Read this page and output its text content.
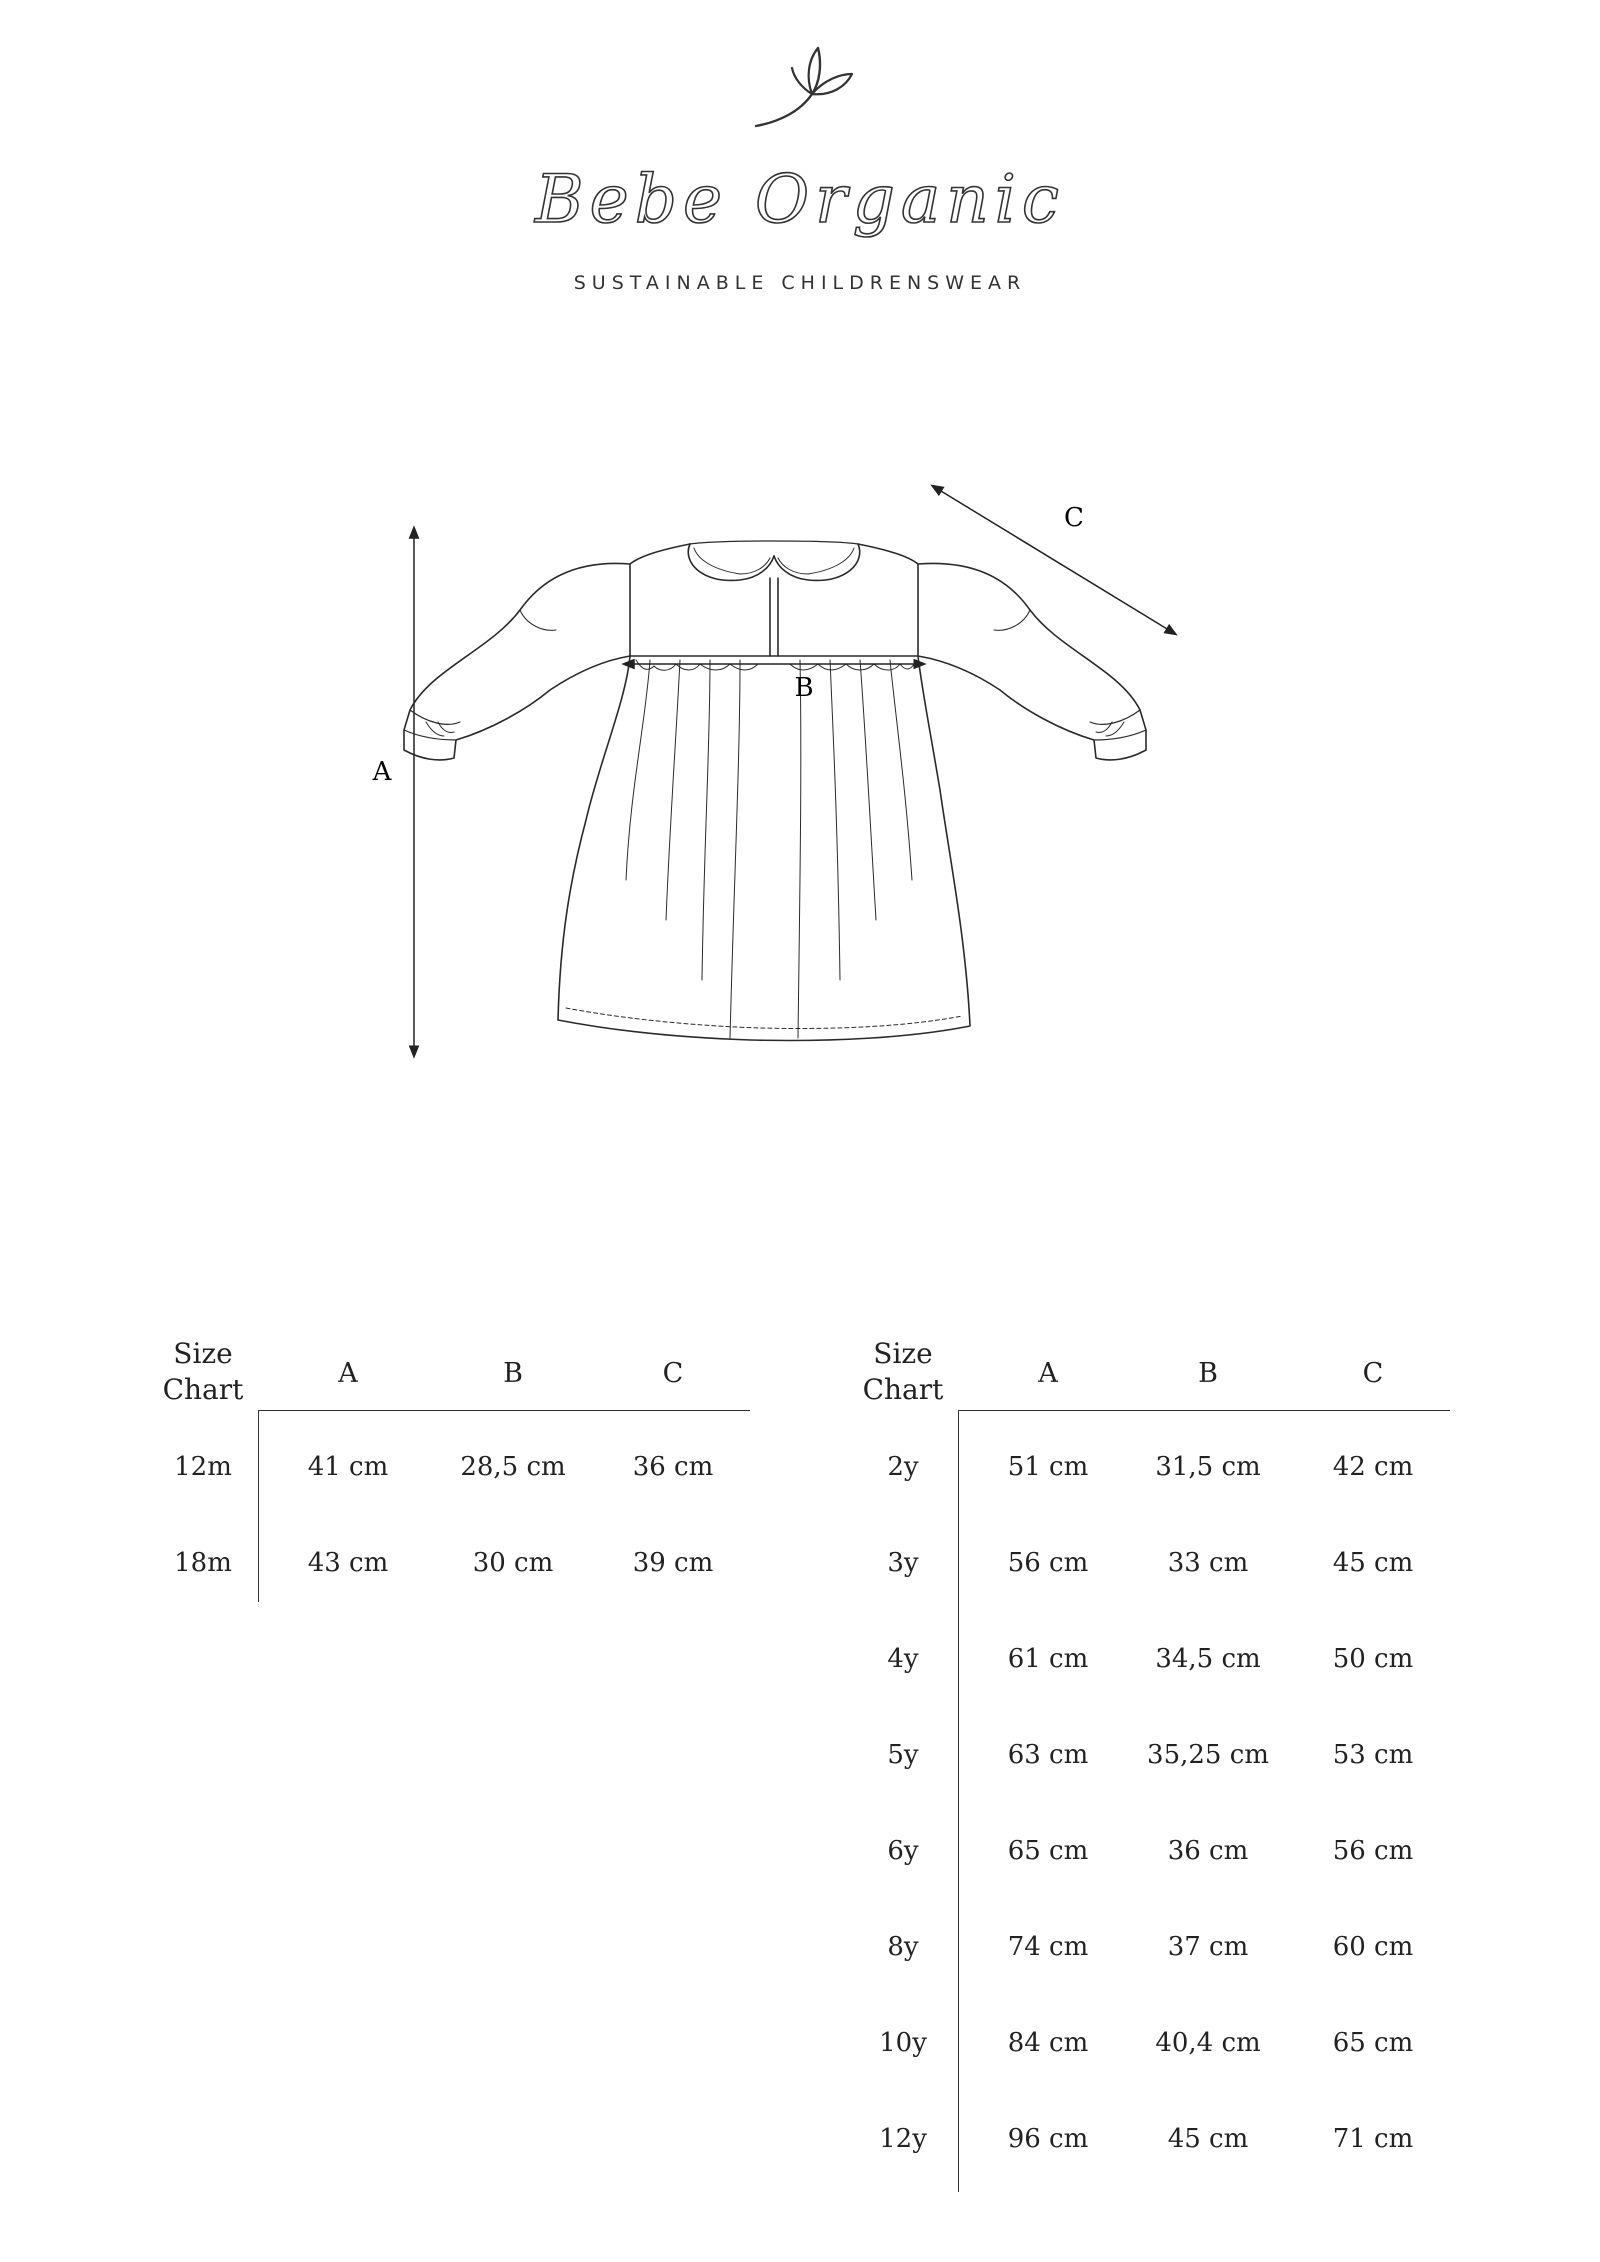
Bebe Organic
SUSTAINABLE CHILDRENSWEAR
A
C
B
Size
Chart	A	B	C
12m	41 cm	28,5 cm	36 cm
18m	43 cm	30 cm	39 cm
Size
Chart	A	B	C
2y	51 cm	31,5 cm	42 cm
3y	56 cm	33 cm	45 cm
4y	61 cm	34,5 cm	50 cm
5y	63 cm	35,25 cm	53 cm
6y	65 cm	36 cm	56 cm
8y	74 cm	37 cm	60 cm
10y	84 cm	40,4 cm	65 cm
12y	96 cm	45 cm	71 cm
